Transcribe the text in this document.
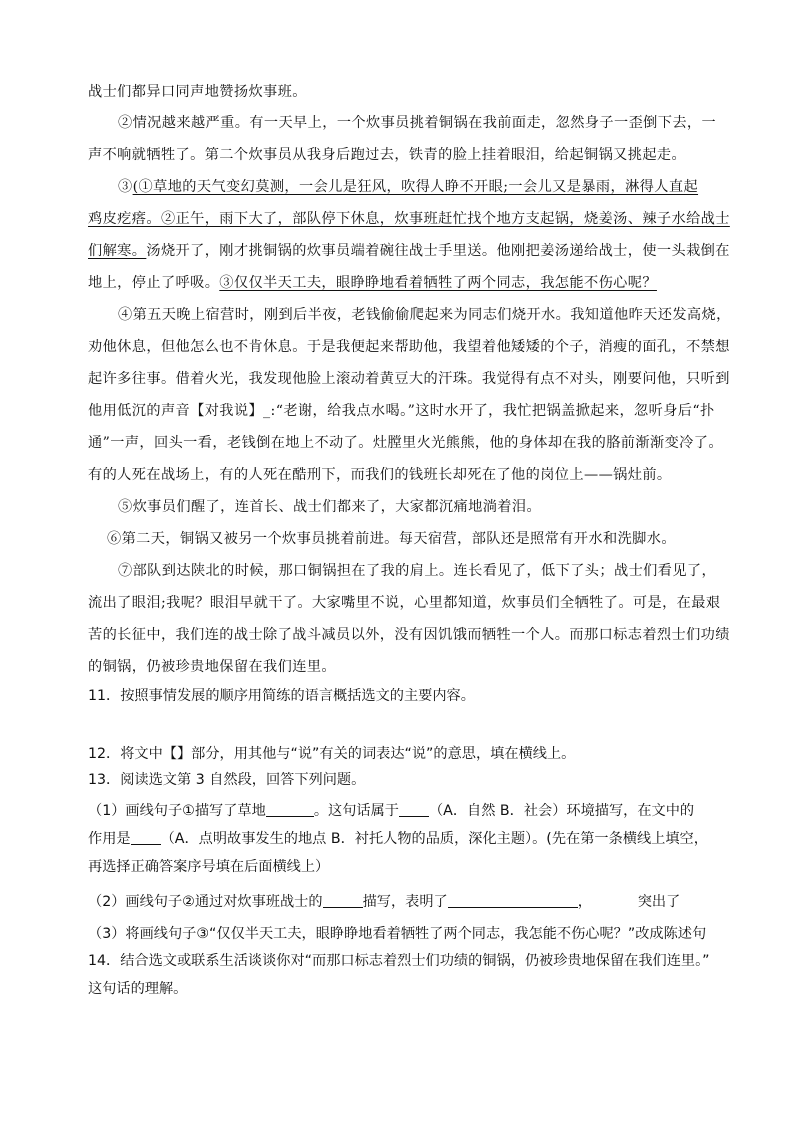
战士们都异口同声地赞扬炊事班。
②情况越来越严重。有一天早上，一个炊事员挑着铜锅在我前面走，忽然身子一歪倒下去，一
声不响就牺牲了。第二个炊事员从我身后跑过去，铁青的脸上挂着眼泪，给起铜锅又挑起走。
③(①草地的天气变幻莫测，一会儿是狂风，吹得人睁不开眼;一会儿又是暴雨，淋得人直起
鸡皮疙瘩。②正午，雨下大了，部队停下休息，炊事班赶忙找个地方支起锅，烧姜汤、辣子水给战士
们解寒。汤烧开了，刚才挑铜锅的炊事员端着碗往战士手里送。他刚把姜汤递给战士，使一头栽倒在
地上，停止了呼吸。③仅仅半天工夫，眼睁睁地看着牺牲了两个同志，我怎能不伤心呢？
④第五天晚上宿营时，刚到后半夜，老钱偷偷爬起来为同志们烧开水。我知道他昨天还发高烧，
劝他休息，但他怎么也不肯休息。于是我便起来帮助他，我望着他矮矮的个子，消瘦的面孔，不禁想
起许多往事。借着火光，我发现他脸上滚动着黄豆大的汗珠。我觉得有点不对头，刚要问他，只听到
他用低沉的声音【对我说】_:“老谢，给我点水喝。”这时水开了，我忙把锅盖掀起来，忽听身后“扑
通”一声，回头一看，老钱倒在地上不动了。灶膛里火光熊熊，他的身体却在我的胳前渐渐变冷了。
有的人死在战场上，有的人死在酷刑下，而我们的钱班长却死在了他的岗位上——锅灶前。
⑤炊事员们醒了，连首长、战士们都来了，大家都沉痛地淌着泪。
⑥第二天，铜锅又被另一个炊事员挑着前进。每天宿营，部队还是照常有开水和洗脚水。
⑦部队到达陕北的时候，那口铜锅担在了我的肩上。连长看见了，低下了头；战士们看见了，
流出了眼泪;我呢？眼泪早就干了。大家嘴里不说，心里都知道，炊事员们全牺牲了。可是，在最艰
苦的长征中，我们连的战士除了战斗减员以外，没有因饥饿而牺牲一个人。而那口标志着烈士们功绩
的铜锅，仍被珍贵地保留在我们连里。
11．按照事情发展的顺序用简练的语言概括选文的主要内容。
12．将文中【】部分，用其他与“说”有关的词表达“说”的意思，填在横线上。
13．阅读选文第 3 自然段，回答下列问题。
（1）画线句子①描写了草地	。这句话属于 （A．自然 B．社会）环境描写，在文中的
作用是 （A．点明故事发生的地点 B．衬托人物的品质，深化主题）。(先在第一条横线上填空，
再选择正确答案序号填在后面横线上）
（2）画线句子②通过对炊事班战士的	描写，表明了	，	突出了
（3）将画线句子③“仅仅半天工夫，眼睁睁地看着牺牲了两个同志，我怎能不伤心呢？”改成陈述句
14．结合选文或联系生活谈谈你对“而那口标志着烈士们功绩的铜锅，仍被珍贵地保留在我们连里。”
这句话的理解。
